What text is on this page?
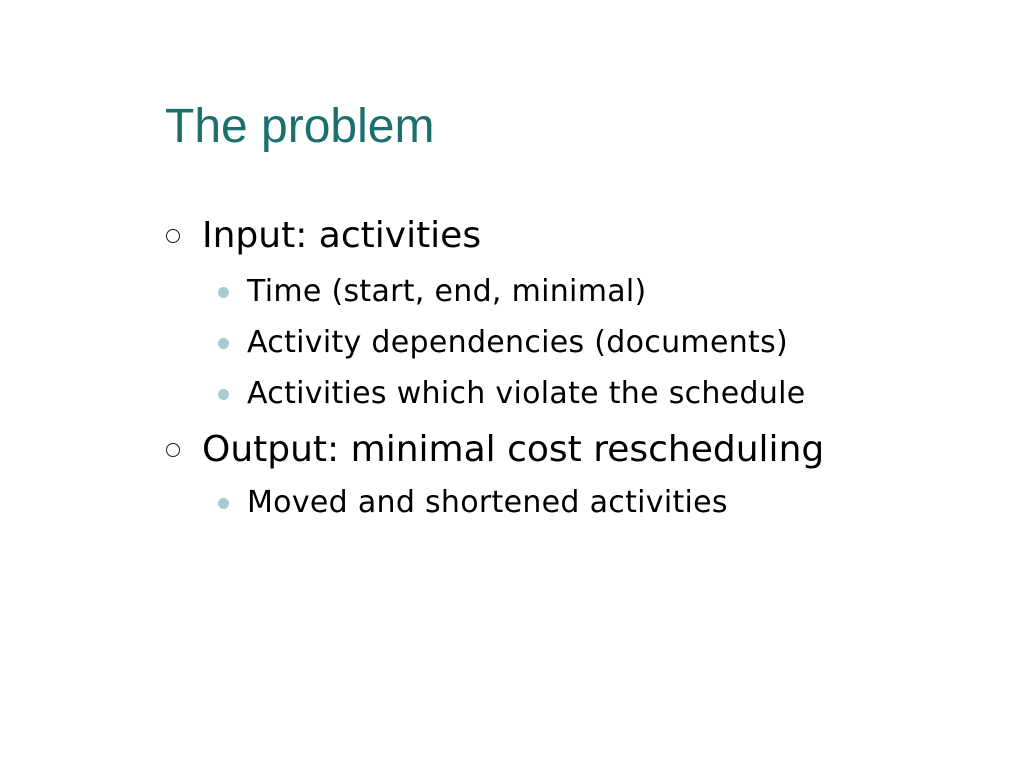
The problem
Input: activities
Time (start, end, minimal)
Activity dependencies (documents)
Activities which violate the schedule
Output: minimal cost rescheduling
Moved and shortened activities
